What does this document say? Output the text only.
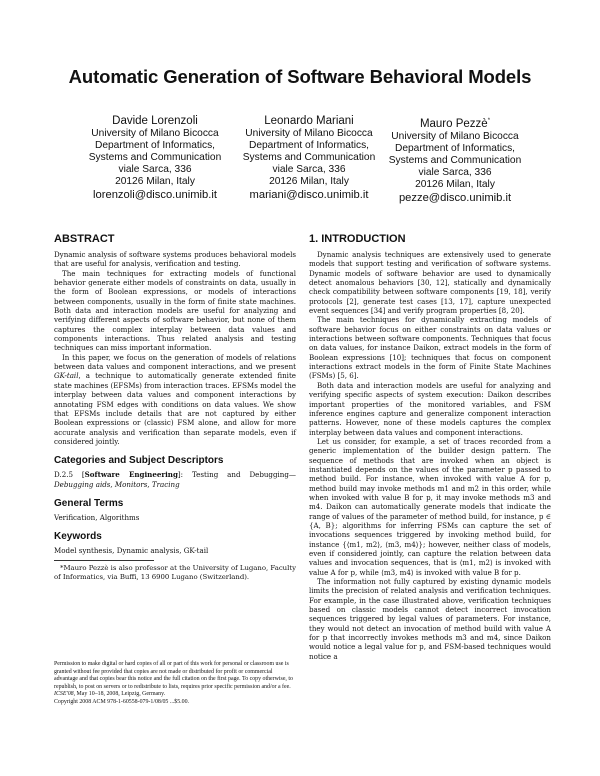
Automatic Generation of Software Behavioral Models
Davide Lorenzoli
University of Milano Bicocca
Department of Informatics,
Systems and Communication
viale Sarca, 336
20126 Milan, Italy
lorenzoli@disco.unimib.it
Leonardo Mariani
University of Milano Bicocca
Department of Informatics,
Systems and Communication
viale Sarca, 336
20126 Milan, Italy
mariani@disco.unimib.it
Mauro Pezzè*
University of Milano Bicocca
Department of Informatics,
Systems and Communication
viale Sarca, 336
20126 Milan, Italy
pezze@disco.unimib.it
ABSTRACT

Dynamic analysis of software systems produces behavioral models that are useful for analysis, verification and testing.

The main techniques for extracting models of functional behavior generate either models of constraints on data, usually in the form of Boolean expressions, or models of interactions between components, usually in the form of finite state machines. Both data and interaction models are useful for analyzing and verifying different aspects of software behavior, but none of them captures the complex interplay between data values and components interactions. Thus related analysis and testing techniques can miss important information.

In this paper, we focus on the generation of models of relations between data values and component interactions, and we present GK-tail, a technique to automatically generate extended finite state machines (EFSMs) from interaction traces. EFSMs model the interplay between data values and component interactions by annotating FSM edges with conditions on data values. We show that EFSMs include details that are not captured by either Boolean expressions or (classic) FSM alone, and allow for more accurate analysis and verification than separate models, even if considered jointly.

Categories and Subject Descriptors

D.2.5 [Software Engineering]: Testing and Debugging—Debugging aids, Monitors, Tracing

General Terms

Verification, Algorithms

Keywords

Model synthesis, Dynamic analysis, GK-tail

*Mauro Pezzè is also professor at the University of Lugano, Faculty of Informatics, via Buffi, 13 6900 Lugano (Switzerland).

Permission to make digital or hard copies of all or part of this work for personal or classroom use is granted without fee provided that copies are not made or distributed for profit or commercial advantage and that copies bear this notice and the full citation on the first page. To copy otherwise, to republish, to post on servers or to redistribute to lists, requires prior specific permission and/or a fee.
ICSE'08, May 10–18, 2008, Leipzig, Germany.
Copyright 2008 ACM 978-1-60558-079-1/08/05 ...$5.00.
1. INTRODUCTION

Dynamic analysis techniques are extensively used to generate models that support testing and verification of software systems. Dynamic models of software behavior are used to dynamically detect anomalous behaviors [30, 12], statically and dynamically check compatibility between software components [19, 18], verify protocols [2], generate test cases [13, 17], capture unexpected event sequences [34] and verify program properties [8, 20].

The main techniques for dynamically extracting models of software behavior focus on either constraints on data values or interactions between software components. Techniques that focus on data values, for instance Daikon, extract models in the form of Boolean expressions [10]; techniques that focus on component interactions extract models in the form of Finite State Machines (FSMs) [5, 6].

Both data and interaction models are useful for analyzing and verifying specific aspects of system execution: Daikon describes important properties of the monitored variables, and FSM inference engines capture and generalize component interaction patterns. However, none of these models captures the complex interplay between data values and component interactions.

Let us consider, for example, a set of traces recorded from a generic implementation of the builder design pattern. The sequence of methods that are invoked when an object is instantiated depends on the values of the parameter p passed to method build. For instance, when invoked with value A for p, method build may invoke methods m1 and m2 in this order, while when invoked with value B for p, it may invoke methods m3 and m4. Daikon can automatically generate models that indicate the range of values of the parameter of method build, for instance, p ∈ {A, B}; algorithms for inferring FSMs can capture the set of invocations sequences triggered by invoking method build, for instance {⟨m1, m2⟩, ⟨m3, m4⟩}; however, neither class of models, even if considered jointly, can capture the relation between data values and invocation sequences, that is ⟨m1, m2⟩ is invoked with value A for p, while ⟨m3, m4⟩ is invoked with value B for p.

The information not fully captured by existing dynamic models limits the precision of related analysis and verification techniques. For example, in the case illustrated above, verification techniques based on classic models cannot detect incorrect invocation sequences triggered by legal values of parameters. For instance, they would not detect an invocation of method build with value A for p that incorrectly invokes methods m3 and m4, since Daikon would notice a legal value for p, and FSM-based techniques would notice a
